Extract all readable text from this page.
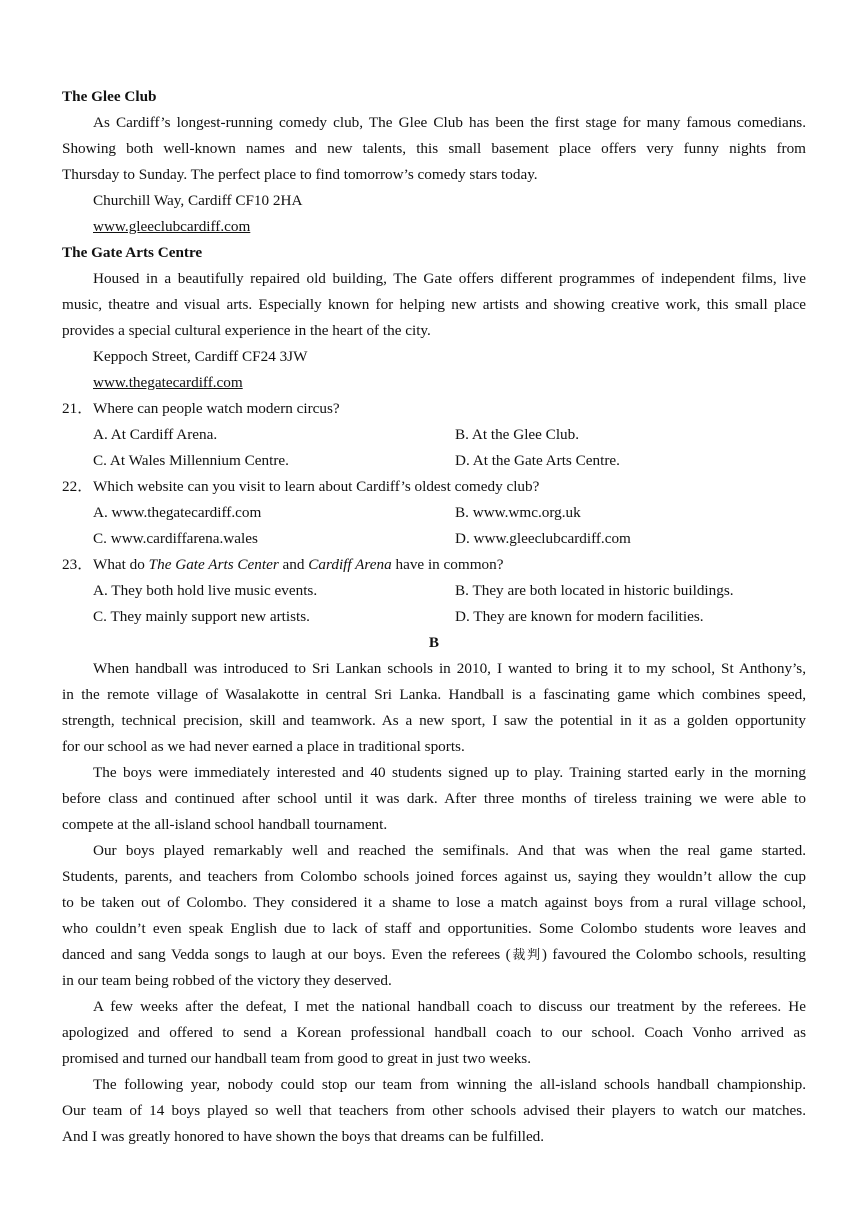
The Glee Club
As Cardiff’s longest-running comedy club, The Glee Club has been the first stage for many famous comedians.
Showing both well-known names and new talents, this small basement place offers very funny nights from
Thursday to Sunday. The perfect place to find tomorrow’s comedy stars today.
Churchill Way, Cardiff CF10 2HA
www.gleeclubcardiff.com
The Gate Arts Centre
Housed in a beautifully repaired old building, The Gate offers different programmes of independent films, live
music, theatre and visual arts. Especially known for helping new artists and showing creative work, this small place
provides a special cultural experience in the heart of the city.
Keppoch Street, Cardiff CF24 3JW
www.thegatecardiff.com
21．Where can people watch modern circus?
A. At Cardiff Arena.	B. At the Glee Club.
C. At Wales Millennium Centre.	D. At the Gate Arts Centre.
22．Which website can you visit to learn about Cardiff’s oldest comedy club?
A. www.thegatecardiff.com	B. www.wmc.org.uk
C. www.cardiffarena.wales	D. www.gleeclubcardiff.com
23．What do The Gate Arts Center and Cardiff Arena have in common?
A. They both hold live music events.	B. They are both located in historic buildings.
C. They mainly support new artists.	D. They are known for modern facilities.
B
When handball was introduced to Sri Lankan schools in 2010, I wanted to bring it to my school, St Anthony’s,
in the remote village of Wasalakotte in central Sri Lanka. Handball is a fascinating game which combines speed,
strength, technical precision, skill and teamwork. As a new sport, I saw the potential in it as a golden opportunity
for our school as we had never earned a place in traditional sports.
The boys were immediately interested and 40 students signed up to play. Training started early in the morning
before class and continued after school until it was dark. After three months of tireless training we were able to
compete at the all-island school handball tournament.
Our boys played remarkably well and reached the semifinals. And that was when the real game started.
Students, parents, and teachers from Colombo schools joined forces against us, saying they wouldn’t allow the cup
to be taken out of Colombo. They considered it a shame to lose a match against boys from a rural village school,
who couldn’t even speak English due to lack of staff and opportunities. Some Colombo students wore leaves and
danced and sang Vedda songs to laugh at our boys. Even the referees (裁判) favoured the Colombo schools, resulting
in our team being robbed of the victory they deserved.
A few weeks after the defeat, I met the national handball coach to discuss our treatment by the referees. He
apologized and offered to send a Korean professional handball coach to our school. Coach Vonho arrived as
promised and turned our handball team from good to great in just two weeks.
The following year, nobody could stop our team from winning the all-island schools handball championship.
Our team of 14 boys played so well that teachers from other schools advised their players to watch our matches.
And I was greatly honored to have shown the boys that dreams can be fulfilled.
